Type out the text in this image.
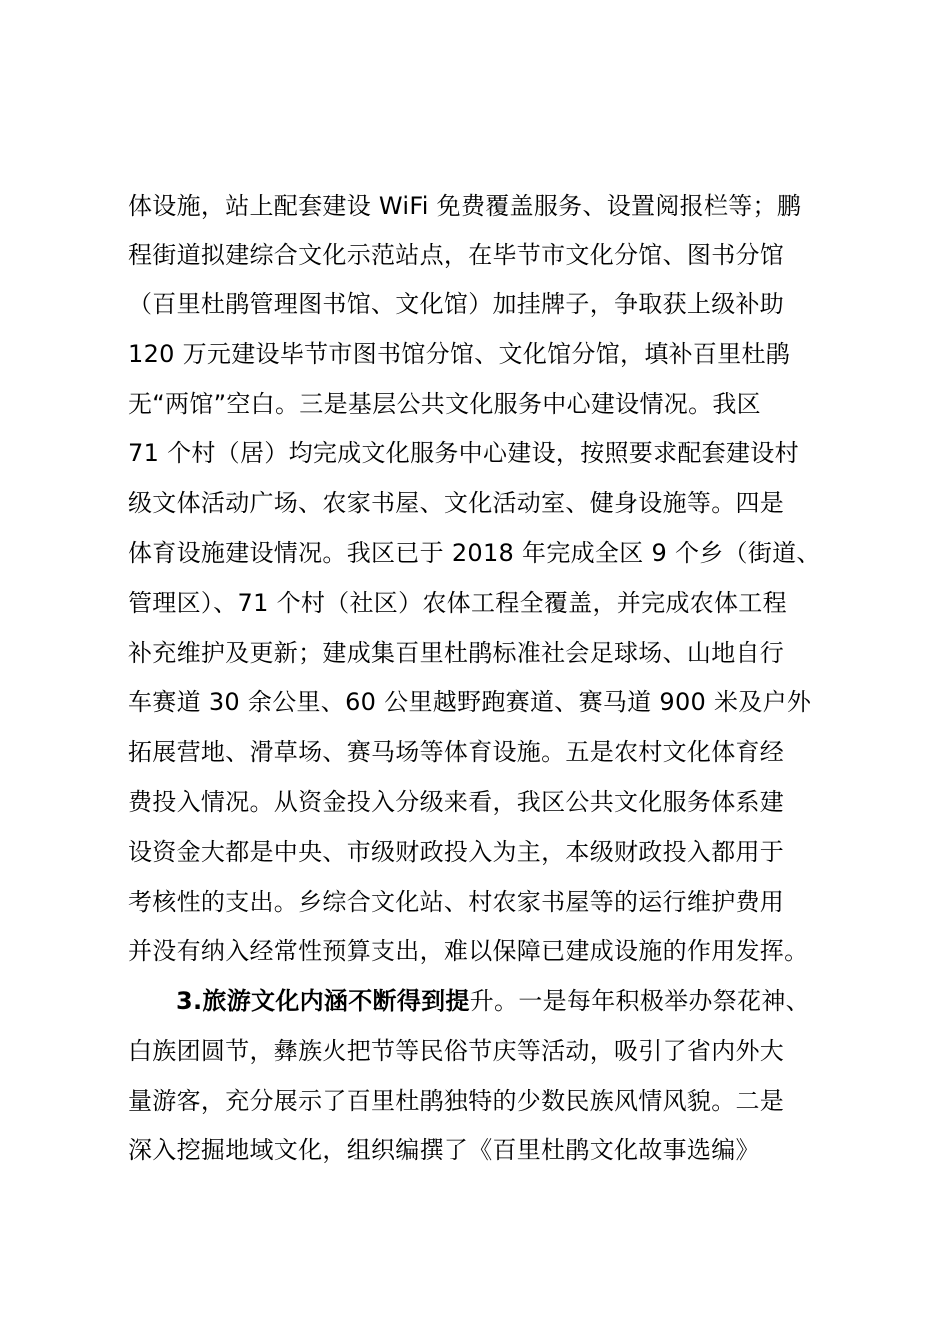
体设施，站上配套建设 WiFi 免费覆盖服务、设置阅报栏等；鹏
程街道拟建综合文化示范站点，在毕节市文化分馆、图书分馆
（百里杜鹃管理图书馆、文化馆）加挂牌子，争取获上级补助
120 万元建设毕节市图书馆分馆、文化馆分馆，填补百里杜鹃
无“两馆”空白。三是基层公共文化服务中心建设情况。我区
71 个村（居）均完成文化服务中心建设，按照要求配套建设村
级文体活动广场、农家书屋、文化活动室、健身设施等。四是
体育设施建设情况。我区已于 2018 年完成全区 9 个乡（街道、
管理区）、71 个村（社区）农体工程全覆盖，并完成农体工程
补充维护及更新；建成集百里杜鹃标准社会足球场、山地自行
车赛道 30 余公里、60 公里越野跑赛道、赛马道 900 米及户外
拓展营地、滑草场、赛马场等体育设施。五是农村文化体育经
费投入情况。从资金投入分级来看，我区公共文化服务体系建
设资金大都是中央、市级财政投入为主，本级财政投入都用于
考核性的支出。乡综合文化站、村农家书屋等的运行维护费用
并没有纳入经常性预算支出，难以保障已建成设施的作用发挥。
3.旅游文化内涵不断得到提升。一是每年积极举办祭花神、
白族团圆节，彝族火把节等民俗节庆等活动，吸引了省内外大
量游客，充分展示了百里杜鹃独特的少数民族风情风貌。二是
深入挖掘地域文化，组织编撰了《百里杜鹃文化故事选编》
